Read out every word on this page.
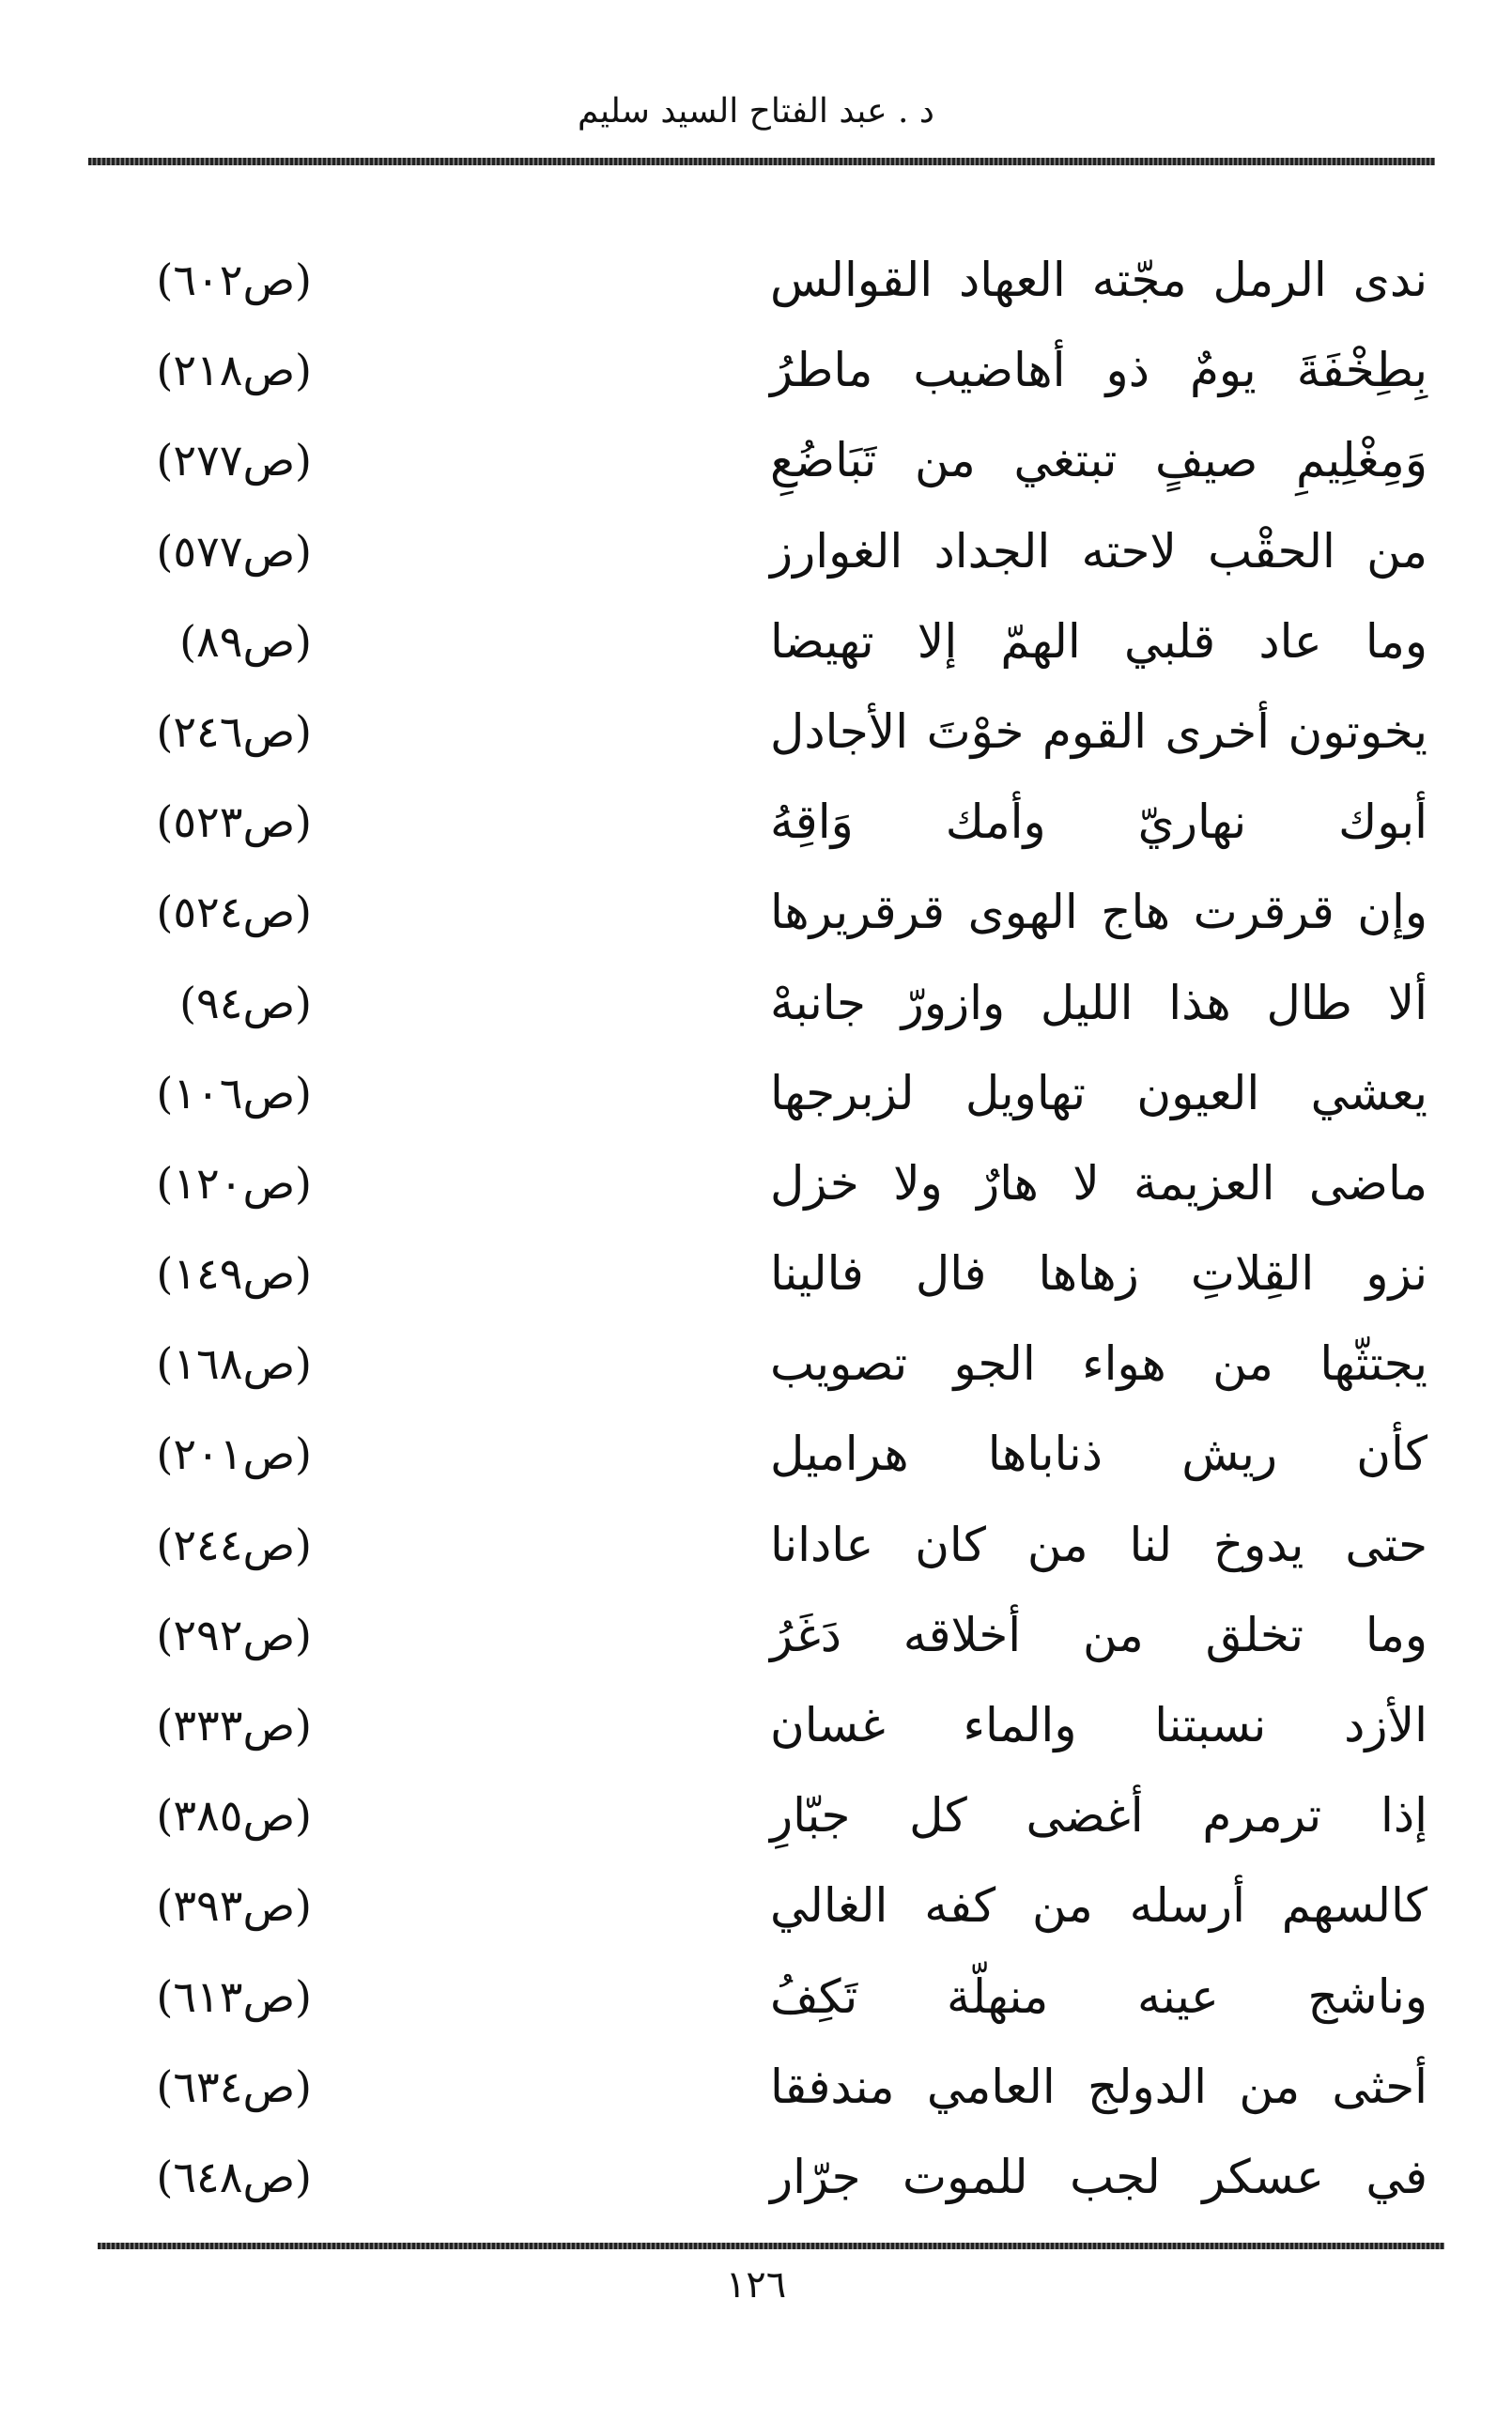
د . عبد الفتاح السيد سليم
ندى الرمل مجّته العهاد القوالس
(ص٦٠٢)
بِطِخْفَةَ يومٌ ذو أهاضيب ماطرُ
(ص٢١٨)
وَمِغْلِيمِ صيفٍ تبتغي من تَبَاضُعِ
(ص٢٧٧)
من الحقْب لاحته الجداد الغوارز
(ص٥٧٧)
وما عاد قلبي الهمّ إلا تهيضا
(ص٨٩)
يخوتون أخرى القوم خوْتَ الأجادل
(ص٢٤٦)
أبوك نهاريّ وأمك وَاقِهُ
(ص٥٢٣)
وإن قرقرت هاج الهوى قرقريرها
(ص٥٢٤)
ألا طال هذا الليل وازورّ جانبهْ
(ص٩٤)
يعشي العيون تهاويل لزبرجها
(ص١٠٦)
ماضى العزيمة لا هارٌ ولا خزل
(ص١٢٠)
نزو القِلاتِ زهاها فال فالينا
(ص١٤٩)
يجتثّها من هواء الجو تصويب
(ص١٦٨)
كأن ريش ذناباها هراميل
(ص٢٠١)
حتى يدوخ لنا من كان عادانا
(ص٢٤٤)
وما تخلق من أخلاقه دَغَرُ
(ص٢٩٢)
الأزد نسبتنا والماء غسان
(ص٣٣٣)
إذا ترمرم أغضى كل جبّارِ
(ص٣٨٥)
كالسهم أرسله من كفه الغالي
(ص٣٩٣)
وناشج عينه منهلّة تَكِفُ
(ص٦١٣)
أحثى من الدولج العامي مندفقا
(ص٦٣٤)
في عسكر لجب للموت جرّار
(ص٦٤٨)
١٢٦
